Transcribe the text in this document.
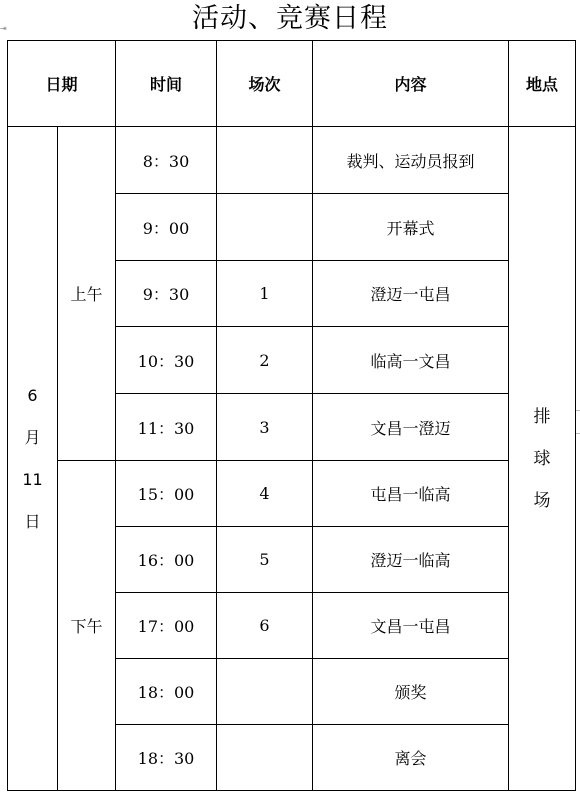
活动、竞赛日程
⇥
日期		时间	场次	内容	地点

6
月
11
日	上午	8：30		裁判、运动员报到	排
球
场

		9：00		开幕式	
		9：30	1	澄迈一屯昌	
		10：30	2	临高一文昌	
		11：30	3	文昌一澄迈	
	下午	15：00	4	屯昌一临高	
		16：00	5	澄迈一临高	
		17：00	6	文昌一屯昌	
		18：00		颁奖	
		18：30		离会	
